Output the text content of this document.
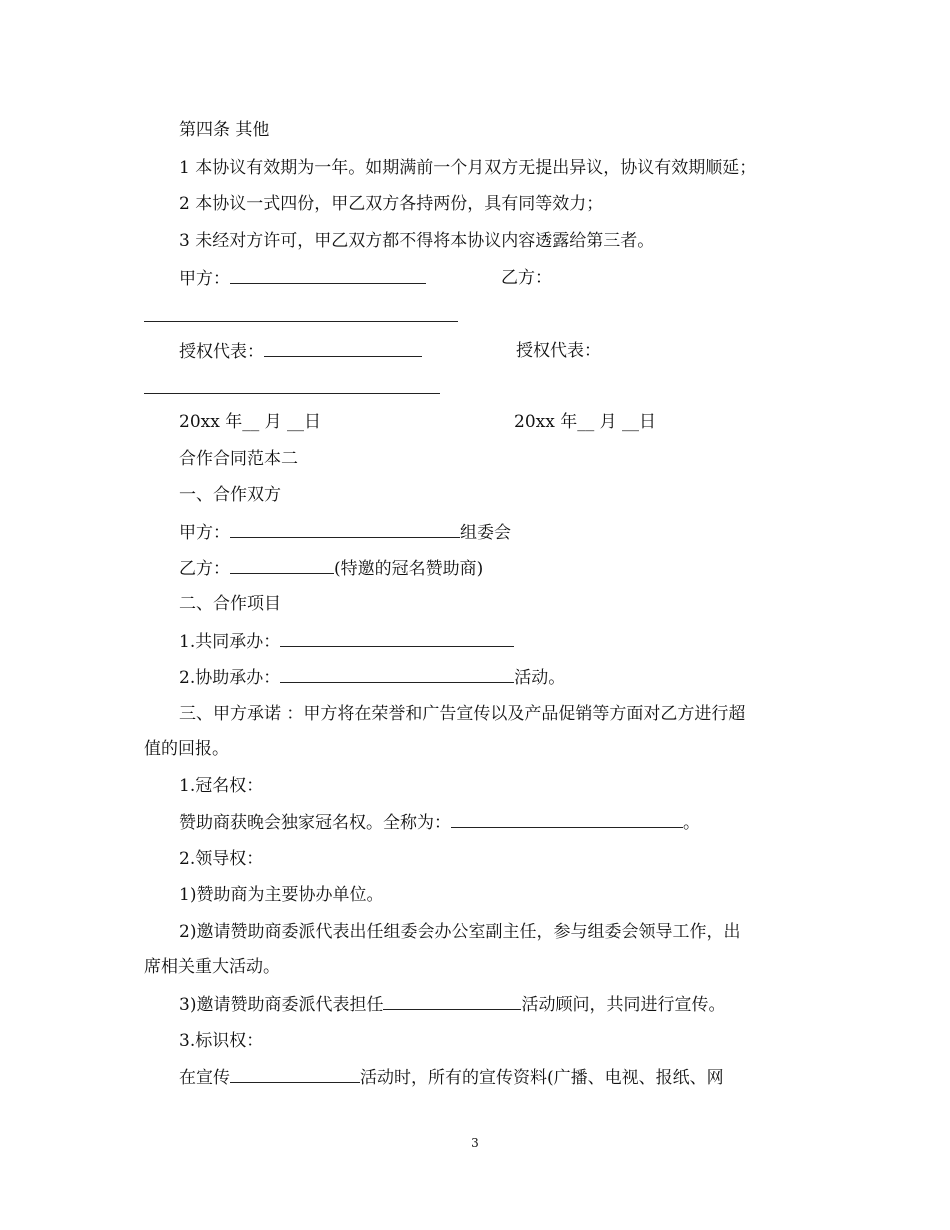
第四条 其他
1 本协议有效期为一年。如期满前一个月双方无提出异议，协议有效期顺延；
2 本协议一式四份，甲乙双方各持两份，具有同等效力；
3 未经对方许可，甲乙双方都不得将本协议内容透露给第三者。
甲方：	乙方：
授权代表：	授权代表：
20xx 年__ 月 __日	20xx 年__ 月 __日
合作合同范本二
一、合作双方
甲方：	组委会
乙方：	(特邀的冠名赞助商)
二、合作项目
1.共同承办：
2.协助承办：	活动。
三、甲方承诺 ：甲方将在荣誉和广告宣传以及产品促销等方面对乙方进行超
值的回报。
1.冠名权：
赞助商获晚会独家冠名权。全称为：	。
2.领导权：
1)赞助商为主要协办单位。
2)邀请赞助商委派代表出任组委会办公室副主任，参与组委会领导工作，出
席相关重大活动。
3)邀请赞助商委派代表担任	活动顾问，共同进行宣传。
3.标识权：
在宣传	活动时，所有的宣传资料(广播、电视、报纸、网
3
